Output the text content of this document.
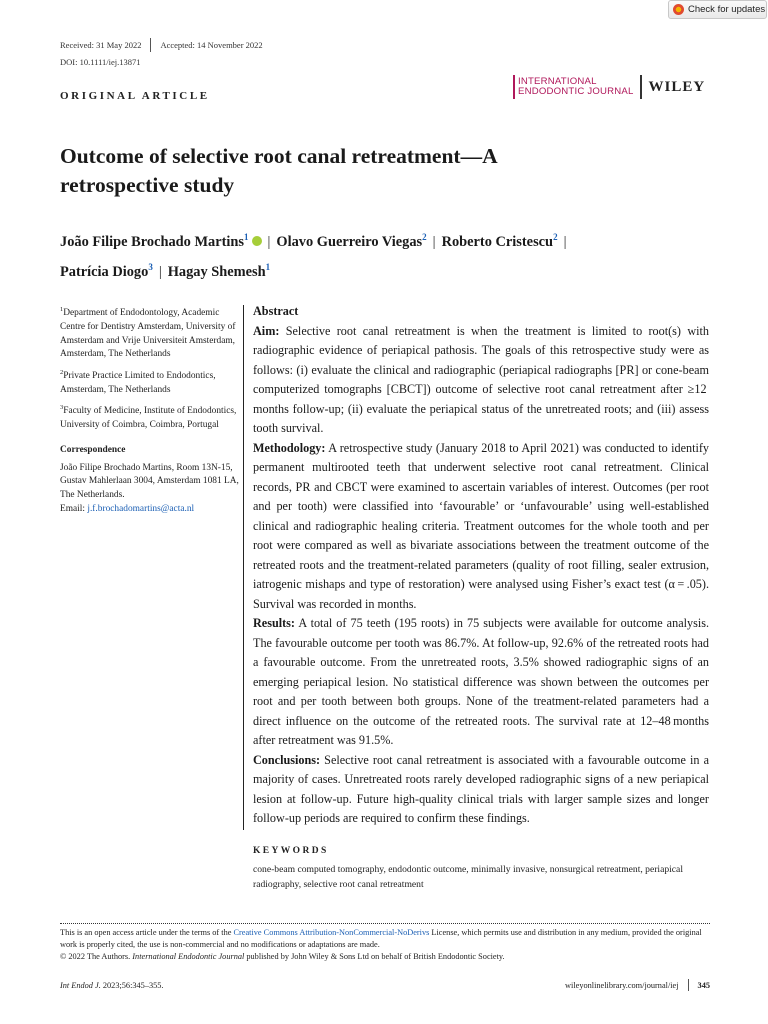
Check for updates
Received: 31 May 2022 Accepted: 14 November 2022
DOI: 10.1111/iej.13871
ORIGINAL ARTICLE
INTERNATIONAL
ENDODONTIC JOURNAL WILEY
Outcome of selective root canal retreatment—A retrospective study

João Filipe Brochado Martins$^1$ | Olavo Guerreiro Viegas$^2$ | Roberto Cristescu$^2$ |
Patrícia Diogo$^3$ | Hagay Shemesh$^1$

$^1$Department of Endodontology, Academic Centre for Dentistry Amsterdam, University of Amsterdam and Vrije Universiteit Amsterdam, Amsterdam, The Netherlands

$^2$Private Practice Limited to Endodontics, Amsterdam, The Netherlands

$^3$Faculty of Medicine, Institute of Endodontics, University of Coimbra, Coimbra, Portugal

Correspondence

João Filipe Brochado Martins, Room 13N-15, Gustav Mahlerlaan 3004, Amsterdam 1081 LA, The Netherlands.
Email: j.f.brochadomartins@acta.nl

Abstract

Aim: Selective root canal retreatment is when the treatment is limited to root(s) with radiographic evidence of periapical pathosis. The goals of this retrospective study were as follows: (i) evaluate the clinical and radiographic (periapical radiographs [PR] or cone-beam computerized tomographs [CBCT]) outcome of selective root canal retreatment after ≥12 months follow-up; (ii) evaluate the periapical status of the unretreated roots; and (iii) assess tooth survival.

Methodology: A retrospective study (January 2018 to April 2021) was conducted to identify permanent multirooted teeth that underwent selective root canal retreatment. Clinical records, PR and CBCT were examined to ascertain variables of interest. Outcomes (per root and per tooth) were classified into ‘favourable’ or ‘unfavourable’ using well-established clinical and radiographic healing criteria. Treatment outcomes for the whole tooth and per root were compared as well as bivariate associations between the treatment outcome of the retreated roots and the treatment-related parameters (quality of root filling, sealer extrusion, iatrogenic mishaps and type of restoration) were analysed using Fisher’s exact test (α = .05). Survival was recorded in months.

Results: A total of 75 teeth (195 roots) in 75 subjects were available for outcome analysis. The favourable outcome per tooth was 86.7%. At follow-up, 92.6% of the retreated roots had a favourable outcome. From the unretreated roots, 3.5% showed radiographic signs of an emerging periapical lesion. No statistical difference was shown between the outcomes per root and per tooth between both groups. None of the treatment-related parameters had a direct influence on the outcome of the retreated roots. The survival rate at 12–48 months after retreatment was 91.5%.

Conclusions: Selective root canal retreatment is associated with a favourable outcome in a majority of cases. Unretreated roots rarely developed radiographic signs of a new periapical lesion at follow-up. Future high-quality clinical trials with larger sample sizes and longer follow-up periods are required to confirm these findings.

KEYWORDS
cone-beam computed tomography, endodontic outcome, minimally invasive, nonsurgical retreatment, periapical radiography, selective root canal retreatment

This is an open access article under the terms of the Creative Commons Attribution-NonCommercial-NoDerivs License, which permits use and distribution in any medium, provided the original work is properly cited, the use is non-commercial and no modifications or adaptations are made.

© 2022 The Authors. International Endodontic Journal published by John Wiley & Sons Ltd on behalf of British Endodontic Society.

Int Endod J. 2023;56:345–355.	wileyonlinelibrary.com/journal/iej 345
